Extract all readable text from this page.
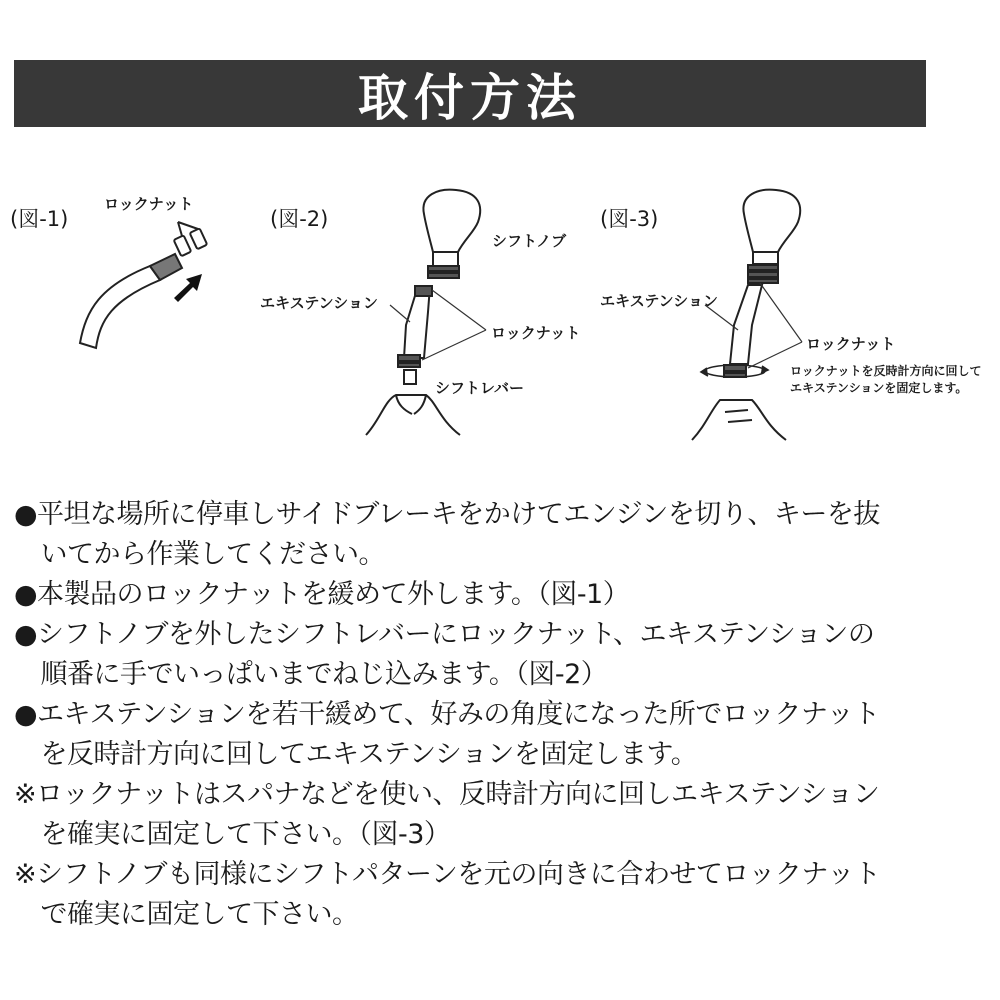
取付方法
(図-1)	(図-2)	(図-3)
ロックナット
シフトノブ
エキステンション
ロックナット
シフトレバー
エキステンション
ロックナット
ロックナットを反時計方向に回して
エキステンションを固定します。
●平坦な場所に停車しサイドブレーキをかけてエンジンを切り、キーを抜
　いてから作業してください。
●本製品のロックナットを緩めて外します。（図-1）
●シフトノブを外したシフトレバーにロックナット、エキステンションの
　順番に手でいっぱいまでねじ込みます。（図-2）
●エキステンションを若干緩めて、好みの角度になった所でロックナット
　を反時計方向に回してエキステンションを固定します。
※ロックナットはスパナなどを使い、反時計方向に回しエキステンション
　を確実に固定して下さい。（図-3）
※シフトノブも同様にシフトパターンを元の向きに合わせてロックナット
　で確実に固定して下さい。
